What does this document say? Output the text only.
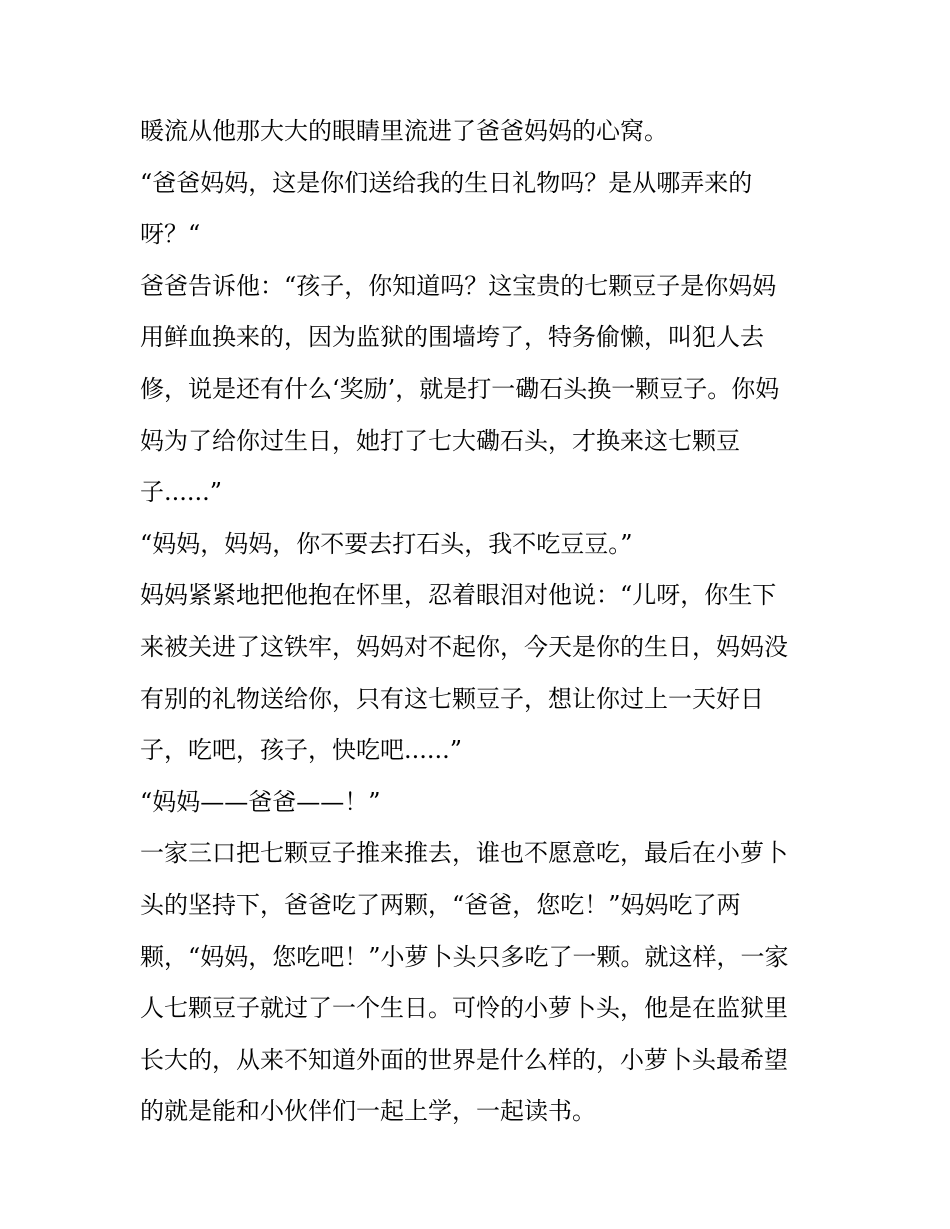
暖流从他那大大的眼睛里流进了爸爸妈妈的心窝。
“爸爸妈妈，这是你们送给我的生日礼物吗？是从哪弄来的
呀？“
爸爸告诉他：“孩子，你知道吗？这宝贵的七颗豆子是你妈妈
用鲜血换来的，因为监狱的围墙垮了，特务偷懒，叫犯人去
修，说是还有什么‘奖励’，就是打一磡石头换一颗豆子。你妈
妈为了给你过生日，她打了七大磡石头，才换来这七颗豆
子......”
“妈妈，妈妈，你不要去打石头，我不吃豆豆。”
妈妈紧紧地把他抱在怀里，忍着眼泪对他说：“儿呀，你生下
来被关进了这铁牢，妈妈对不起你，今天是你的生日，妈妈没
有别的礼物送给你，只有这七颗豆子，想让你过上一天好日
子，吃吧，孩子，快吃吧......”
“妈妈——爸爸——！”
一家三口把七颗豆子推来推去，谁也不愿意吃，最后在小萝卜
头的坚持下，爸爸吃了两颗，“爸爸，您吃！”妈妈吃了两
颗，“妈妈，您吃吧！”小萝卜头只多吃了一颗。就这样，一家
人七颗豆子就过了一个生日。可怜的小萝卜头，他是在监狱里
长大的，从来不知道外面的世界是什么样的，小萝卜头最希望
的就是能和小伙伴们一起上学，一起读书。
